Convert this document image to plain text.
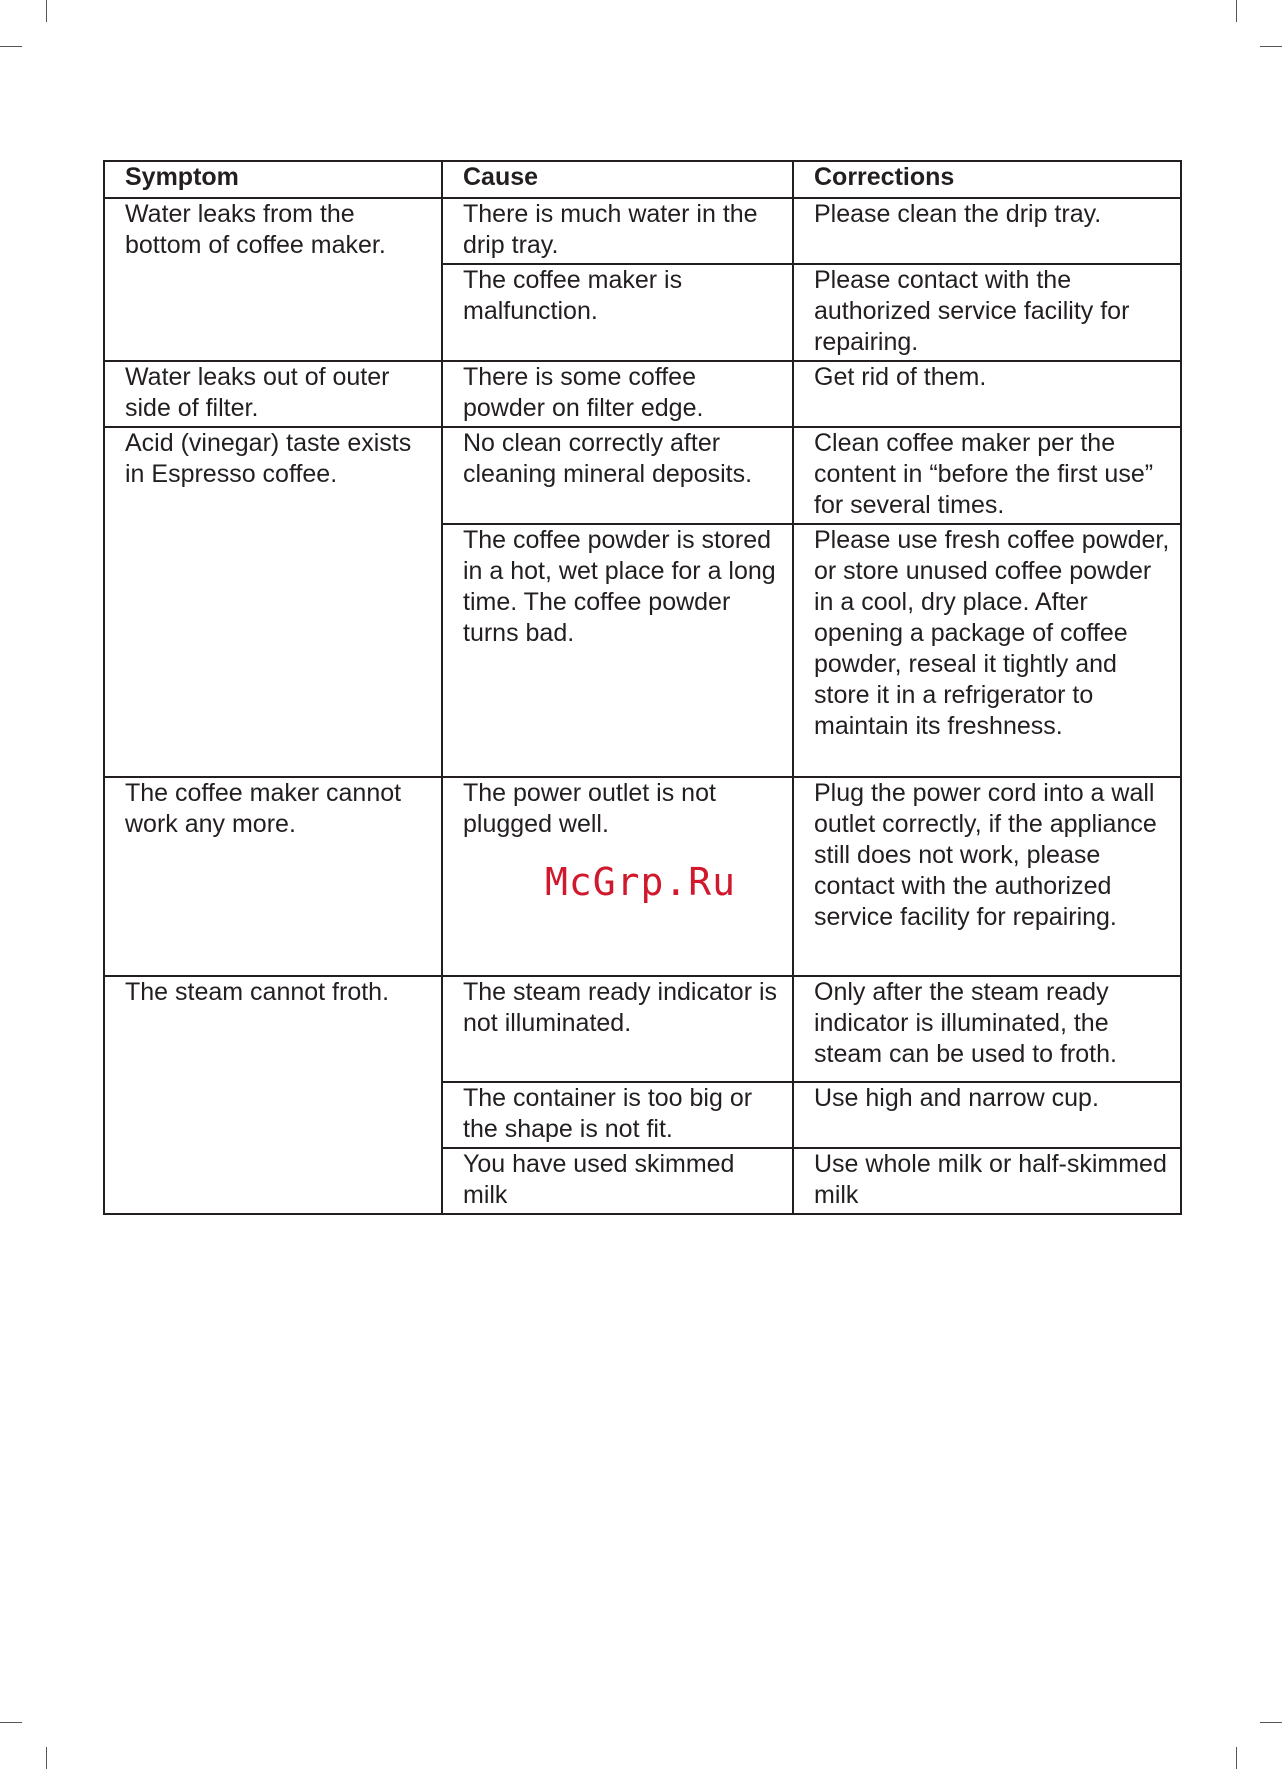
Symptom	Cause	Corrections
Water leaks from the bottom of coffee maker.	There is much water in the drip tray.	Please clean the drip tray.
	The coffee maker is malfunction.	Please contact with the authorized service facility for repairing.
Water leaks out of outer side of filter.	There is some coffee powder on filter edge.	Get rid of them.
Acid (vinegar) taste exists in Espresso coffee.	No clean correctly after cleaning mineral deposits.	Clean coffee maker per the content in “before the first use” for several times.
	The coffee powder is stored in a hot, wet place for a long time. The coffee powder turns bad.	Please use fresh coffee powder, or store unused coffee powder in a cool, dry place. After opening a package of coffee powder, reseal it tightly and store it in a refrigerator to maintain its freshness.
The coffee maker cannot work any more.	The power outlet is not plugged well.	Plug the power cord into a wall outlet correctly, if the appliance still does not work, please contact with the authorized service facility for repairing.
The steam cannot froth.	The steam ready indicator is not illuminated.	Only after the steam ready indicator is illuminated, the steam can be used to froth.
	The container is too big or the shape is not fit.	Use high and narrow cup.
	You have used skimmed milk	Use whole milk or half-skimmed milk
McGrp.Ru
